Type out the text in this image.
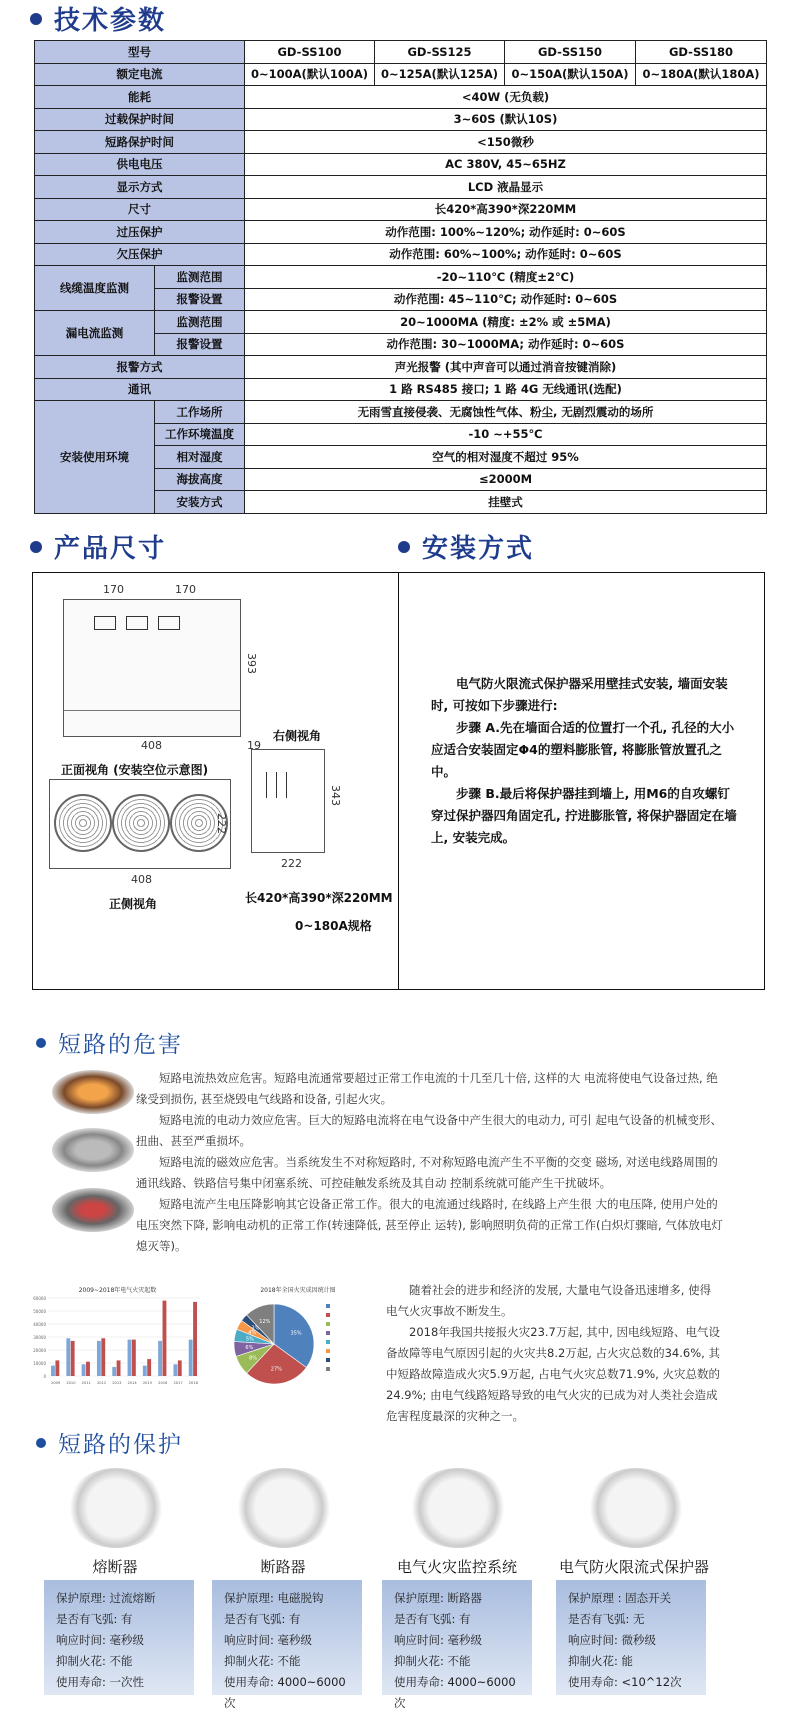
技术参数
型号		GD-SS100	GD-SS125	GD-SS150	GD-SS180
额定电流		0~100A(默认100A)	0~125A(默认125A)	0~150A(默认150A)	0~180A(默认180A)
能耗		<40W (无负载)			
过载保护时间		3~60S (默认10S)			
短路保护时间		<150微秒			
供电电压		AC 380V, 45~65HZ			
显示方式		LCD 液晶显示			
尺寸		长420*高390*深220MM			
过压保护		动作范围: 100%~120%; 动作延时: 0~60S			
欠压保护		动作范围: 60%~100%; 动作延时: 0~60S			
线缆温度监测	监测范围	-20~110℃ (精度±2℃)			
	报警设置	动作范围: 45~110℃; 动作延时: 0~60S			
漏电流监测	监测范围	20~1000MA (精度: ±2% 或 ±5MA)			
	报警设置	动作范围: 30~1000MA; 动作延时: 0~60S			
报警方式		声光报警 (其中声音可以通过消音按键消除)			
通讯		1 路 RS485 接口; 1 路 4G 无线通讯(选配)			
安装使用环境	工作场所	无雨雪直接侵袭、无腐蚀性气体、粉尘, 无剧烈震动的场所			
	工作环境温度	-10 ~+55℃			
	相对湿度	空气的相对湿度不超过 95%			
	海拔高度	≤2000M			
	安装方式	挂壁式			
产品尺寸	安装方式
170	170
393
408	19
正面视角 (安装空位示意图)
右侧视角
343
222
222
408
正侧视角	长420*高390*深220MM
0~180A规格

电气防火限流式保护器采用壁挂式安装, 墙面安装时, 可按如下步骤进行:

步骤 A.先在墙面合适的位置打一个孔, 孔径的大小应适合安装固定Φ4的塑料膨胀管, 将膨胀管放置孔之中。

步骤 B.最后将保护器挂到墙上, 用M6的自攻螺钉穿过保护器四角固定孔, 拧进膨胀管, 将保护器固定在墙上, 安装完成。

短路的危害

短路电流热效应危害。短路电流通常要超过正常工作电流的十几至几十倍, 这样的大 电流将使电气设备过热, 绝缘受到损伤, 甚至烧毁电气线路和设备, 引起火灾。

短路电流的电动力效应危害。巨大的短路电流将在电气设备中产生很大的电动力, 可引 起电气设备的机械变形、扭曲、甚至严重损坏。

短路电流的磁效应危害。当系统发生不对称短路时, 不对称短路电流产生不平衡的交变 磁场, 对送电线路周围的通讯线路、铁路信号集中闭塞系统、可控硅触发系统及其自动 控制系统就可能产生干扰破坏。

短路电流产生电压降影响其它设备正常工作。很大的电流通过线路时, 在线路上产生很 大的电压降, 使用户处的电压突然下降, 影响电动机的正常工作(转速降低, 甚至停止 运转), 影响照明负荷的正常工作(白炽灯骤暗, 气体放电灯熄灭等)。

2009~2018年电气火灾起数
0
10000
20000
30000
40000
50000
60000
2009 2010 2011 2012 2013 2014 2015 2016 2017 2018
2018年全国火灾成因统计图
35%
27%
8%
6%
5%
4%
3%
12%

随着社会的进步和经济的发展, 大量电气设备迅速增多, 使得电气火灾事故不断发生。

2018年我国共接报火灾23.7万起, 其中, 因电线短路、电气设备故障等电气原因引起的火灾共8.2万起, 占火灾总数的34.6%, 其中短路故障造成火灾5.9万起, 占电气火灾总数71.9%, 火灾总数的24.9%; 由电气线路短路导致的电气火灾的已成为对人类社会造成危害程度最深的灾种之一。

短路的保护
熔断器	断路器	电气火灾监控系统	电气防火限流式保护器
保护原理: 过流熔断
是否有飞弧: 有
响应时间: 毫秒级
抑制火花: 不能
使用寿命: 一次性
保护原理: 电磁脱钩
是否有飞弧: 有
响应时间: 毫秒级
抑制火花: 不能
使用寿命: 4000~6000次
保护原理: 断路器
是否有飞弧: 有
响应时间: 毫秒级
抑制火花: 不能
使用寿命: 4000~6000次
保护原理 : 固态开关
是否有飞弧: 无
响应时间: 微秒级
抑制火花: 能
使用寿命: <10^12次
